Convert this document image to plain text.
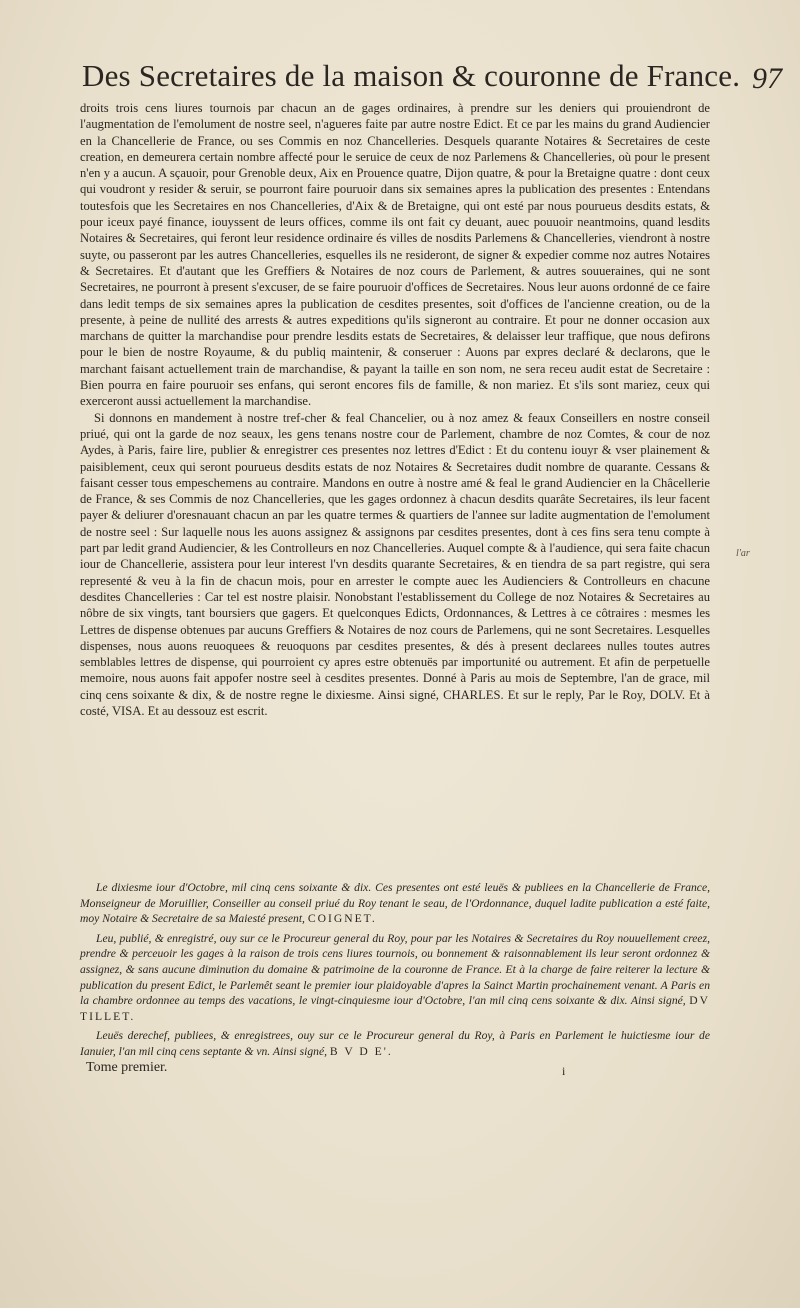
Des Secretaires de la maison & couronne de France. 97

droits trois cens liures tournois par chacun an de gages ordinaires, à prendre sur les deniers qui prouiendront de l'augmentation de l'emolument de nostre seel, n'agueres faite par autre nostre Edict. Et ce par les mains du grand Audiencier en la Chancellerie de France, ou ses Commis en noz Chancelleries. Desquels quarante Notaires & Secretaires de ceste creation, en demeurera certain nombre affecté pour le seruice de ceux de noz Parlemens & Chancelleries, où pour le present n'en y a aucun. A sçauoir, pour Grenoble deux, Aix en Prouence quatre, Dijon quatre, & pour la Bretaigne quatre : dont ceux qui voudront y resider & seruir, se pourront faire pouruoir dans six semaines apres la publication des presentes : Entendans toutesfois que les Secretaires en nos Chancelleries, d'Aix & de Bretaigne, qui ont esté par nous pourueus desdits estats, & pour iceux payé finance, iouyssent de leurs offices, comme ils ont fait cy deuant, auec pouuoir neantmoins, quand lesdits Notaires & Secretaires, qui feront leur residence ordinaire és villes de nosdits Parlemens & Chancelleries, viendront à nostre suyte, ou passeront par les autres Chancelleries, esquelles ils ne resideront, de signer & expedier comme noz autres Notaires & Secretaires. Et d'autant que les Greffiers & Notaires de noz cours de Parlement, & autres souueraines, qui ne sont Secretaires, ne pourront à present s'excuser, de se faire pouruoir d'offices de Secretaires. Nous leur auons ordonné de ce faire dans ledit temps de six semaines apres la publication de cesdites presentes, soit d'offices de l'ancienne creation, ou de la presente, à peine de nullité des arrests & autres expeditions qu'ils signeront au contraire. Et pour ne donner occasion aux marchans de quitter la marchandise pour prendre lesdits estats de Secretaires, & delaisser leur traffique, que nous defirons pour le bien de nostre Royaume, & du publiq maintenir, & conseruer : Auons par expres declaré & declarons, que le marchant faisant actuellement train de marchandise, & payant la taille en son nom, ne sera receu audit estat de Secretaire : Bien pourra en faire pouruoir ses enfans, qui seront encores fils de famille, & non mariez. Et s'ils sont mariez, ceux qui exerceront aussi actuellement la marchandise.

Si donnons en mandement à nostre tref-cher & feal Chancelier, ou à noz amez & feaux Conseillers en nostre conseil priué, qui ont la garde de noz seaux, les gens tenans nostre cour de Parlement, chambre de noz Comtes, & cour de noz Aydes, à Paris, faire lire, publier & enregistrer ces presentes noz lettres d'Edict : Et du contenu iouyr & vser plainement & paisiblement, ceux qui seront pourueus desdits estats de noz Notaires & Secretaires dudit nombre de quarante. Cessans & faisant cesser tous empeschemens au contraire. Mandons en outre à nostre amé & feal le grand Audiencier en la Châcellerie de France, & ses Commis de noz Chancelleries, que les gages ordonnez à chacun desdits quarâte Secretaires, ils leur facent payer & deliurer d'oresnauant chacun an par les quatre termes & quartiers de l'annee sur ladite augmentation de l'emolument de nostre seel : Sur laquelle nous les auons assignez & assignons par cesdites presentes, dont à ces fins sera tenu compte à part par ledit grand Audiencier, & les Controlleurs en noz Chancelleries. Auquel compte & à l'audience, qui sera faite chacun iour de Chancellerie, assistera pour leur interest l'vn desdits quarante Secretaires, & en tiendra de sa part registre, qui sera representé & veu à la fin de chacun mois, pour en arrester le compte auec les Audienciers & Controlleurs en chacune desdites Chancelleries : Car tel est nostre plaisir. Nonobstant l'establissement du College de noz Notaires & Secretaires au nôbre de six vingts, tant boursiers que gagers. Et quelconques Edicts, Ordonnances, & Lettres à ce côtraires : mesmes les Lettres de dispense obtenues par aucuns Greffiers & Notaires de noz cours de Parlemens, qui ne sont Secretaires. Lesquelles dispenses, nous auons reuoquees & reuoquons par cesdites presentes, & dés à present declarees nulles toutes autres semblables lettres de dispense, qui pourroient cy apres estre obtenuës par importunité ou autrement. Et afin de perpetuelle memoire, nous auons fait appofer nostre seel à cesdites presentes. Donné à Paris au mois de Septembre, l'an de grace, mil cinq cens soixante & dix, & de nostre regne le dixiesme. Ainsi signé, CHARLES. Et sur le reply, Par le Roy, DOLV. Et à costé, VISA. Et au dessouz est escrit.

Le dixiesme iour d'Octobre, mil cinq cens soixante & dix. Ces presentes ont esté leuës & publiees en la Chancellerie de France, Monseigneur de Moruillier, Conseiller au conseil priué du Roy tenant le seau, de l'Ordonnance, duquel ladite publication a esté faite, moy Notaire & Secretaire de sa Maiesté present, COIGNET.

Leu, publié, & enregistré, ouy sur ce le Procureur general du Roy, pour par les Notaires & Secretaires du Roy nouuellement creez, prendre & perceuoir les gages à la raison de trois cens liures tournois, ou bonnement & raisonnablement ils leur seront ordonnez & assignez, & sans aucune diminution du domaine & patrimoine de la couronne de France. Et à la charge de faire reiterer la lecture & publication du present Edict, le Parlemêt seant le premier iour plaidoyable d'apres la Sainct Martin prochainement venant. A Paris en la chambre ordonnee au temps des vacations, le vingt-cinquiesme iour d'Octobre, l'an mil cinq cens soixante & dix. Ainsi signé, DV TILLET.

Leuës derechef, publiees, & enregistrees, ouy sur ce le Procureur general du Roy, à Paris en Parlement le huictiesme iour de Ianuier, l'an mil cinq cens septante & vn. Ainsi signé, B V D E'.

Tome premier.	i
l'ar
